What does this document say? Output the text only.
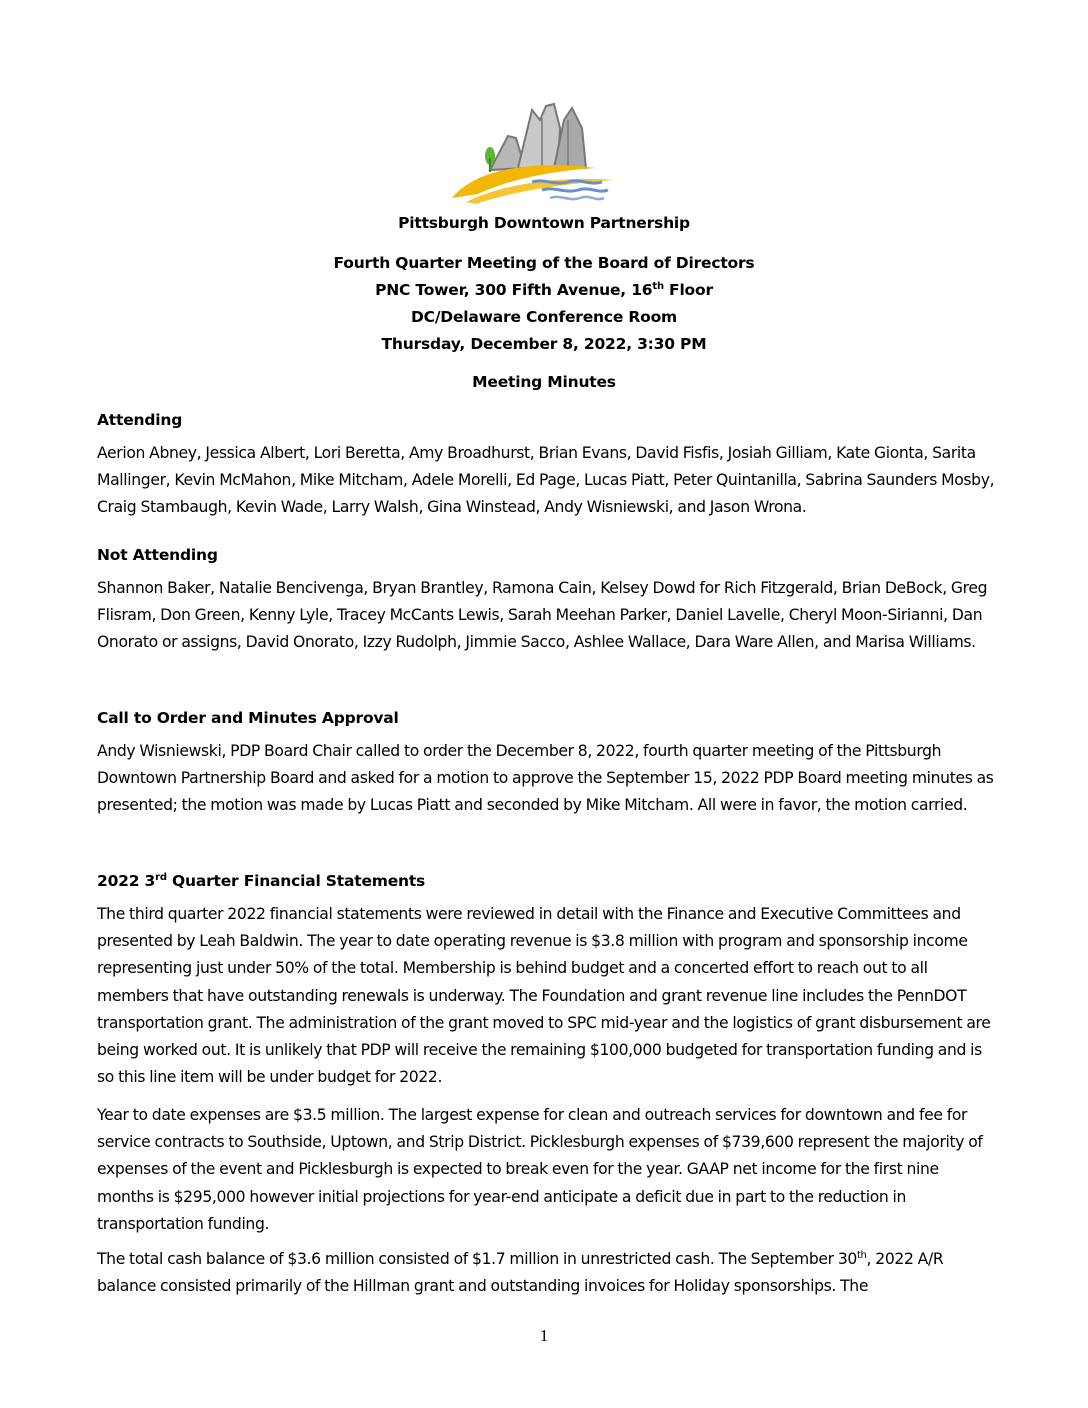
Pittsburgh Downtown Partnership
Fourth Quarter Meeting of the Board of Directors
PNC Tower, 300 Fifth Avenue, 16th Floor
DC/Delaware Conference Room
Thursday, December 8, 2022, 3:30 PM
Meeting Minutes
Attending
Aerion Abney, Jessica Albert, Lori Beretta, Amy Broadhurst, Brian Evans, David Fisfis, Josiah Gilliam, Kate Gionta, Sarita Mallinger, Kevin McMahon, Mike Mitcham, Adele Morelli, Ed Page, Lucas Piatt, Peter Quintanilla, Sabrina Saunders Mosby, Craig Stambaugh, Kevin Wade, Larry Walsh, Gina Winstead, Andy Wisniewski, and Jason Wrona.
Not Attending
Shannon Baker, Natalie Bencivenga, Bryan Brantley, Ramona Cain, Kelsey Dowd for Rich Fitzgerald, Brian DeBock, Greg Flisram, Don Green, Kenny Lyle, Tracey McCants Lewis, Sarah Meehan Parker, Daniel Lavelle, Cheryl Moon-Sirianni, Dan Onorato or assigns, David Onorato, Izzy Rudolph, Jimmie Sacco, Ashlee Wallace, Dara Ware Allen, and Marisa Williams.
Call to Order and Minutes Approval
Andy Wisniewski, PDP Board Chair called to order the December 8, 2022, fourth quarter meeting of the Pittsburgh Downtown Partnership Board and asked for a motion to approve the September 15, 2022 PDP Board meeting minutes as presented; the motion was made by Lucas Piatt and seconded by Mike Mitcham. All were in favor, the motion carried.
2022 3rd Quarter Financial Statements
The third quarter 2022 financial statements were reviewed in detail with the Finance and Executive Committees and presented by Leah Baldwin. The year to date operating revenue is $3.8 million with program and sponsorship income representing just under 50% of the total. Membership is behind budget and a concerted effort to reach out to all members that have outstanding renewals is underway. The Foundation and grant revenue line includes the PennDOT transportation grant. The administration of the grant moved to SPC mid-year and the logistics of grant disbursement are being worked out. It is unlikely that PDP will receive the remaining $100,000 budgeted for transportation funding and is so this line item will be under budget for 2022.
Year to date expenses are $3.5 million. The largest expense for clean and outreach services for downtown and fee for service contracts to Southside, Uptown, and Strip District. Picklesburgh expenses of $739,600 represent the majority of expenses of the event and Picklesburgh is expected to break even for the year. GAAP net income for the first nine months is $295,000 however initial projections for year-end anticipate a deficit due in part to the reduction in transportation funding.
The total cash balance of $3.6 million consisted of $1.7 million in unrestricted cash. The September 30th, 2022 A/R balance consisted primarily of the Hillman grant and outstanding invoices for Holiday sponsorships. The
1
